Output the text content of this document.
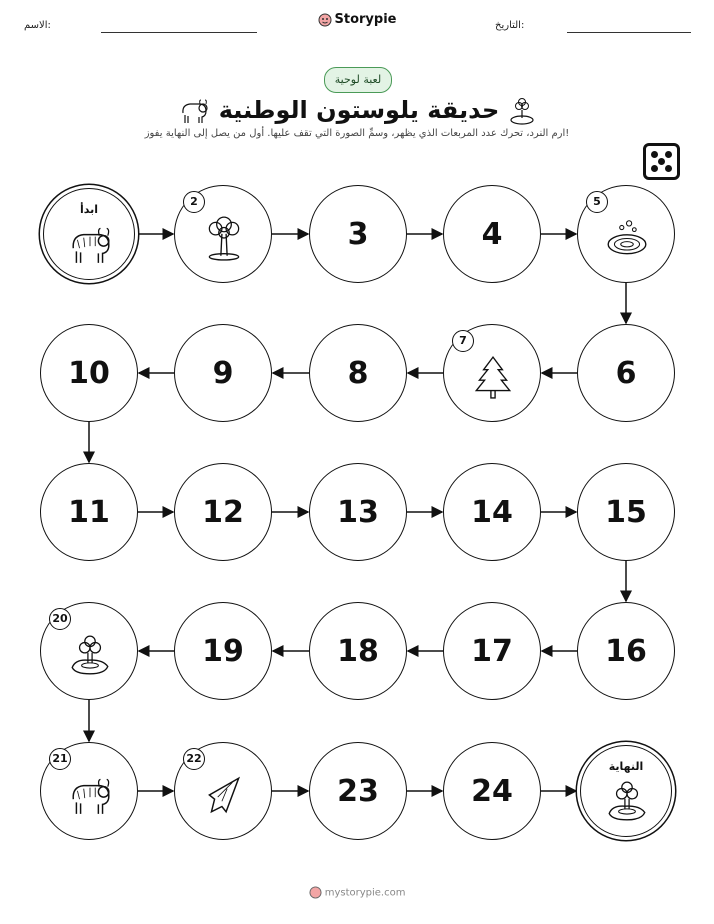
الاسم:	التاريخ:
Storypie
لعبة لوحية
حديقة يلوستون الوطنية
ارم النرد، تحرك عدد المربعات الذي يظهر، وسمِّ الصورة التي تقف عليها. أول من يصل إلى النهاية يفوز!
ابدأ
2
3	4
5
6
7
8
9
10
11	12	13	14	15
16
17
18
19
20
21	22
23	24
النهاية
mystorypie.com
